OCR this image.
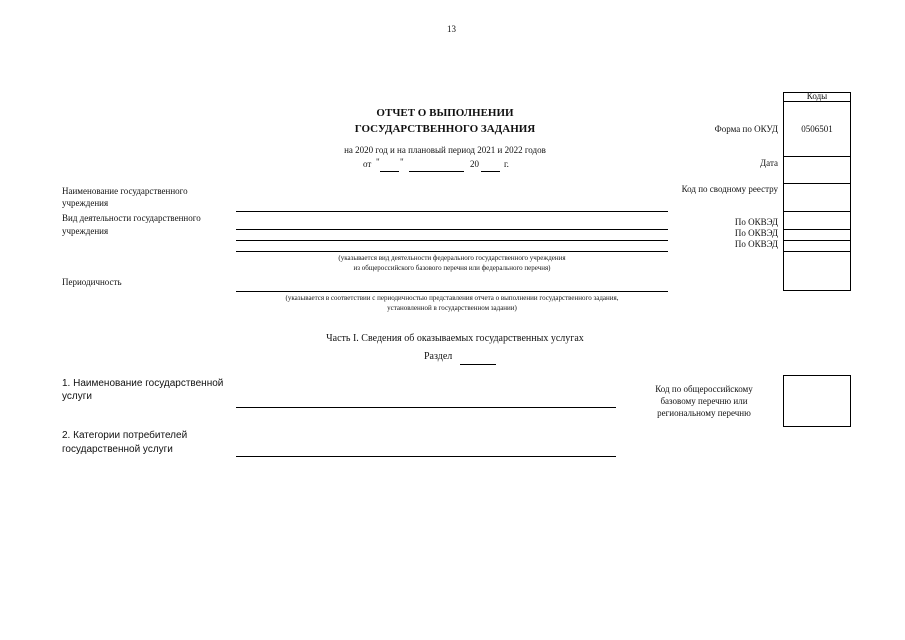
13
Коды
0506501
Форма по ОКУД
Дата
Код по сводному реестру
По ОКВЭД
По ОКВЭД
По ОКВЭД
ОТЧЕТ О ВЫПОЛНЕНИИ
ГОСУДАРСТВЕННОГО ЗАДАНИЯ
на 2020 год и на плановый период 2021 и 2022 годов
от " "	20	г.
Наименование государственного
учреждения
Вид деятельности государственного
учреждения
Периодичность
(указывается вид деятельности федерального государственного учреждения
из общероссийского базового перечня или федерального перечня)
(указывается в соответствии с периодичностью представления отчета о выполнении государственного задания,
установленной в государственном задании)
Часть I. Сведения об оказываемых государственных услугах
Раздел
1. Наименование государственной
услуги
2. Категории потребителей
государственной услуги
Код по общероссийскому
базовому перечню или
региональному перечню
